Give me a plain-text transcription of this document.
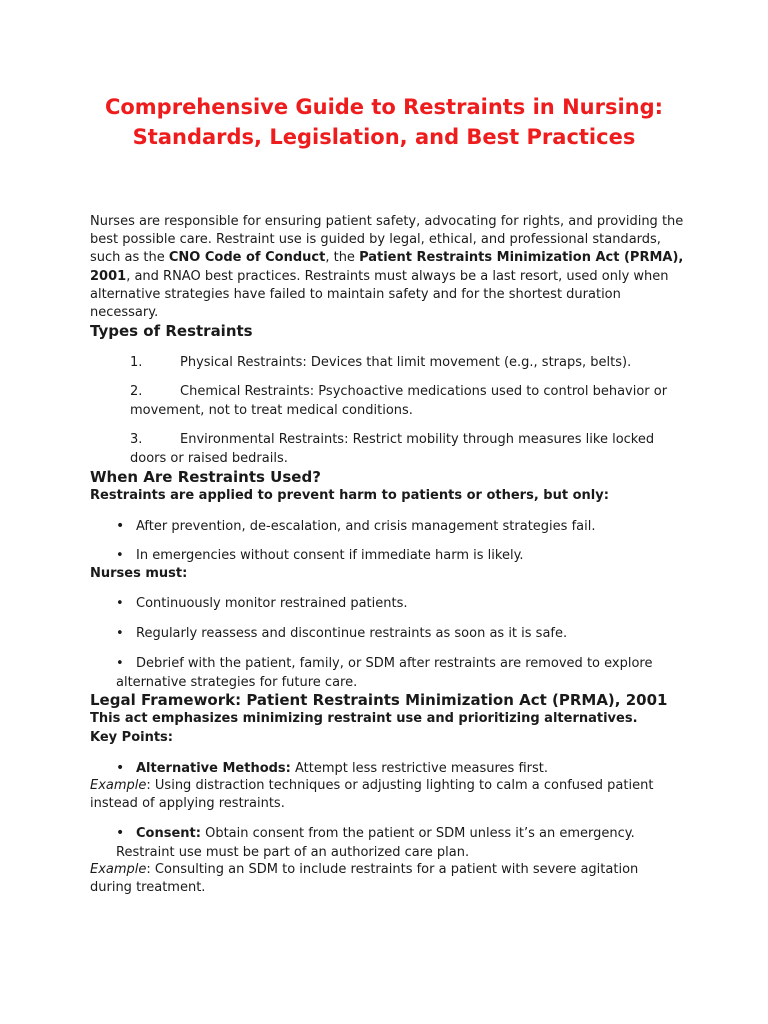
Comprehensive Guide to Restraints in Nursing: Standards, Legislation, and Best Practices

Nurses are responsible for ensuring patient safety, advocating for rights, and providing the best possible care. Restraint use is guided by legal, ethical, and professional standards, such as the CNO Code of Conduct, the Patient Restraints Minimization Act (PRMA), 2001, and RNAO best practices. Restraints must always be a last resort, used only when alternative strategies have failed to maintain safety and for the shortest duration necessary.

Types of Restraints
1.	Physical Restraints: Devices that limit movement (e.g., straps, belts).
2.	Chemical Restraints: Psychoactive medications used to control behavior or movement, not to treat medical conditions.
3.	Environmental Restraints: Restrict mobility through measures like locked doors or raised bedrails.
When Are Restraints Used?
Restraints are applied to prevent harm to patients or others, but only:
• After prevention, de-escalation, and crisis management strategies fail.
• In emergencies without consent if immediate harm is likely.
Nurses must:
• Continuously monitor restrained patients.
• Regularly reassess and discontinue restraints as soon as it is safe.
• Debrief with the patient, family, or SDM after restraints are removed to explore alternative strategies for future care.
Legal Framework: Patient Restraints Minimization Act (PRMA), 2001
This act emphasizes minimizing restraint use and prioritizing alternatives.
Key Points:
• Alternative Methods: Attempt less restrictive measures first.

Example: Using distraction techniques or adjusting lighting to calm a confused patient instead of applying restraints.

• Consent: Obtain consent from the patient or SDM unless it’s an emergency. Restraint use must be part of an authorized care plan.

Example: Consulting an SDM to include restraints for a patient with severe agitation during treatment.
